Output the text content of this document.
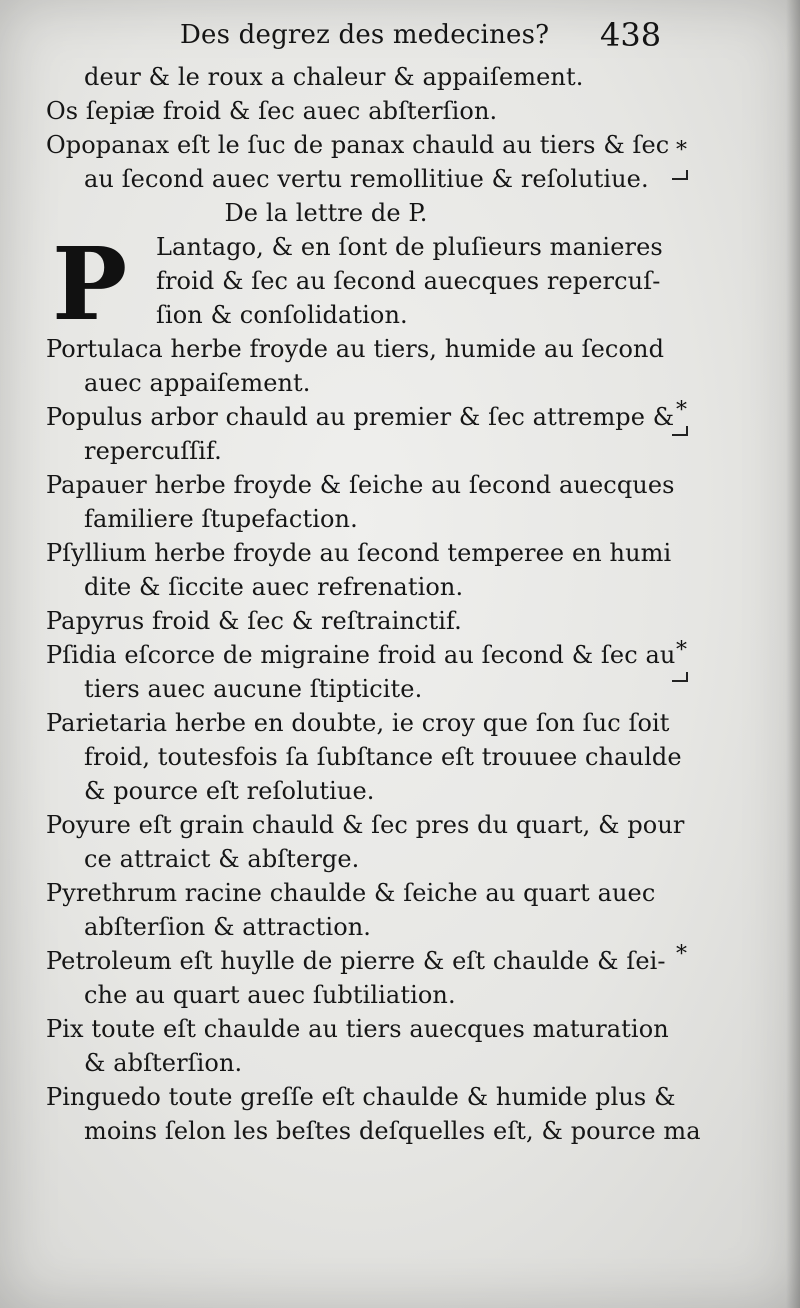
Des degrez des medecines? 438
deur & le roux a chaleur & appaiſement.
Os ſepiæ froid & ſec auec abſterſion.
Opopanax eſt le ſuc de panax chauld au tiers & ſec
au ſecond auec vertu remollitiue & reſolutiue.
De la lettre de P.
P Lantago, & en ſont de pluſieurs manieres
froid & ſec au ſecond auecques repercuſ-
ſion & conſolidation.
Portulaca herbe froyde au tiers, humide au ſecond
auec appaiſement.
Populus arbor chauld au premier & ſec attrempe &
repercuſſif.
Papauer herbe froyde & ſeiche au ſecond auecques
familiere ſtupefaction.
Pſyllium herbe froyde au ſecond temperee en humi
dite & ſiccite auec refrenation.
Papyrus froid & ſec & reſtrainctif.
Pſidia eſcorce de migraine froid au ſecond & ſec au
tiers auec aucune ſtipticite.
Parietaria herbe en doubte, ie croy que ſon ſuc ſoit
froid, toutesfois ſa ſubſtance eſt trouuee chaulde
& pource eſt reſolutiue.
Poyure eſt grain chauld & ſec pres du quart, & pour
ce attraict & abſterge.
Pyrethrum racine chaulde & ſeiche au quart auec
abſterſion & attraction.
Petroleum eſt huylle de pierre & eſt chaulde & ſei-
che au quart auec ſubtiliation.
Pix toute eſt chaulde au tiers auecques maturation
& abſterſion.
Pinguedo toute greſſe eſt chaulde & humide plus &
moins ſelon les beſtes deſquelles eſt, & pource ma
*
*
*
*
